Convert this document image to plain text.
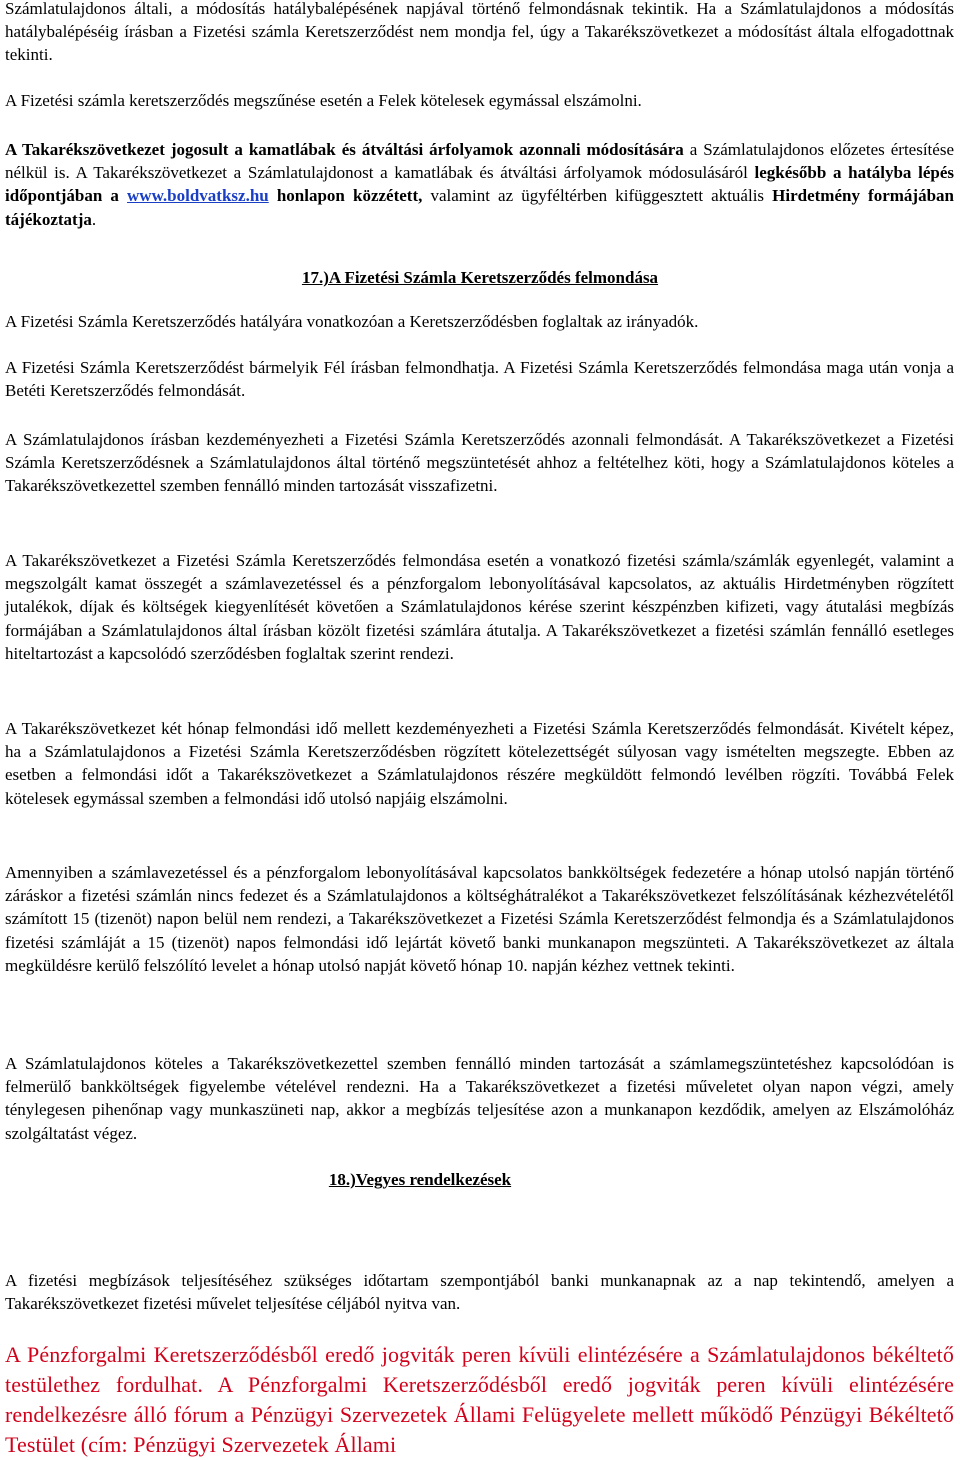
Számlatulajdonos általi, a módosítás hatálybalépésének napjával történő felmondásnak tekintik. Ha a Számlatulajdonos a módosítás hatálybalépéséig írásban a Fizetési számla Keretszerződést nem mondja fel, úgy a Takarékszövetkezet a módosítást általa elfogadottnak tekinti.

A Fizetési számla keretszerződés megszűnése esetén a Felek kötelesek egymással elszámolni.

A Takarékszövetkezet jogosult a kamatlábak és átváltási árfolyamok azonnali módosítására a Számlatulajdonos előzetes értesítése nélkül is. A Takarékszövetkezet a Számlatulajdonost a kamatlábak és átváltási árfolyamok módosulásáról legkésőbb a hatályba lépés időpontjában a www.boldvatksz.hu honlapon közzétett, valamint az ügyféltérben kifüggesztett aktuális Hirdetmény formájában tájékoztatja.

17.)A Fizetési Számla Keretszerződés felmondása

A Fizetési Számla Keretszerződés hatályára vonatkozóan a Keretszerződésben foglaltak az irányadók.

A Fizetési Számla Keretszerződést bármelyik Fél írásban felmondhatja. A Fizetési Számla Keretszerződés felmondása maga után vonja a Betéti Keretszerződés felmondását.

A Számlatulajdonos írásban kezdeményezheti a Fizetési Számla Keretszerződés azonnali felmondását. A Takarékszövetkezet a Fizetési Számla Keretszerződésnek a Számlatulajdonos által történő megszüntetését ahhoz a feltételhez köti, hogy a Számlatulajdonos köteles a Takarékszövetkezettel szemben fennálló minden tartozását visszafizetni.

A Takarékszövetkezet a Fizetési Számla Keretszerződés felmondása esetén a vonatkozó fizetési számla/számlák egyenlegét, valamint a megszolgált kamat összegét a számlavezetéssel és a pénzforgalom lebonyolításával kapcsolatos, az aktuális Hirdetményben rögzített jutalékok, díjak és költségek kiegyenlítését követően a Számlatulajdonos kérése szerint készpénzben kifizeti, vagy átutalási megbízás formájában a Számlatulajdonos által írásban közölt fizetési számlára átutalja. A Takarékszövetkezet a fizetési számlán fennálló esetleges hiteltartozást a kapcsolódó szerződésben foglaltak szerint rendezi.

A Takarékszövetkezet két hónap felmondási idő mellett kezdeményezheti a Fizetési Számla Keretszerződés felmondását. Kivételt képez, ha a Számlatulajdonos a Fizetési Számla Keretszerződésben rögzített kötelezettségét súlyosan vagy ismételten megszegte. Ebben az esetben a felmondási időt a Takarékszövetkezet a Számlatulajdonos részére megküldött felmondó levélben rögzíti. Továbbá Felek kötelesek egymással szemben a felmondási idő utolsó napjáig elszámolni.

Amennyiben a számlavezetéssel és a pénzforgalom lebonyolításával kapcsolatos bankköltségek fedezetére a hónap utolsó napján történő záráskor a fizetési számlán nincs fedezet és a Számlatulajdonos a költséghátralékot a Takarékszövetkezet felszólításának kézhezvételétől számított 15 (tizenöt) napon belül nem rendezi, a Takarékszövetkezet a Fizetési Számla Keretszerződést felmondja és a Számlatulajdonos fizetési számláját a 15 (tizenöt) napos felmondási idő lejártát követő banki munkanapon megszünteti. A Takarékszövetkezet az általa megküldésre kerülő felszólító levelet a hónap utolsó napját követő hónap 10. napján kézhez vettnek tekinti.

A Számlatulajdonos köteles a Takarékszövetkezettel szemben fennálló minden tartozását a számlamegszüntetéshez kapcsolódóan is felmerülő bankköltségek figyelembe vételével rendezni. Ha a Takarékszövetkezet a fizetési műveletet olyan napon végzi, amely ténylegesen pihenőnap vagy munkaszüneti nap, akkor a megbízás teljesítése azon a munkanapon kezdődik, amelyen az Elszámolóház szolgáltatást végez.

18.)Vegyes rendelkezések

A fizetési megbízások teljesítéséhez szükséges időtartam szempontjából banki munkanapnak az a nap tekintendő, amelyen a Takarékszövetkezet fizetési művelet teljesítése céljából nyitva van.

A Pénzforgalmi Keretszerződésből eredő jogviták peren kívüli elintézésére a Számlatulajdonos békéltető testülethez fordulhat. A Pénzforgalmi Keretszerződésből eredő jogviták peren kívüli elintézésére rendelkezésre álló fórum a Pénzügyi Szervezetek Állami Felügyelete mellett működő Pénzügyi Békéltető Testület (cím: Pénzügyi Szervezetek Állami
